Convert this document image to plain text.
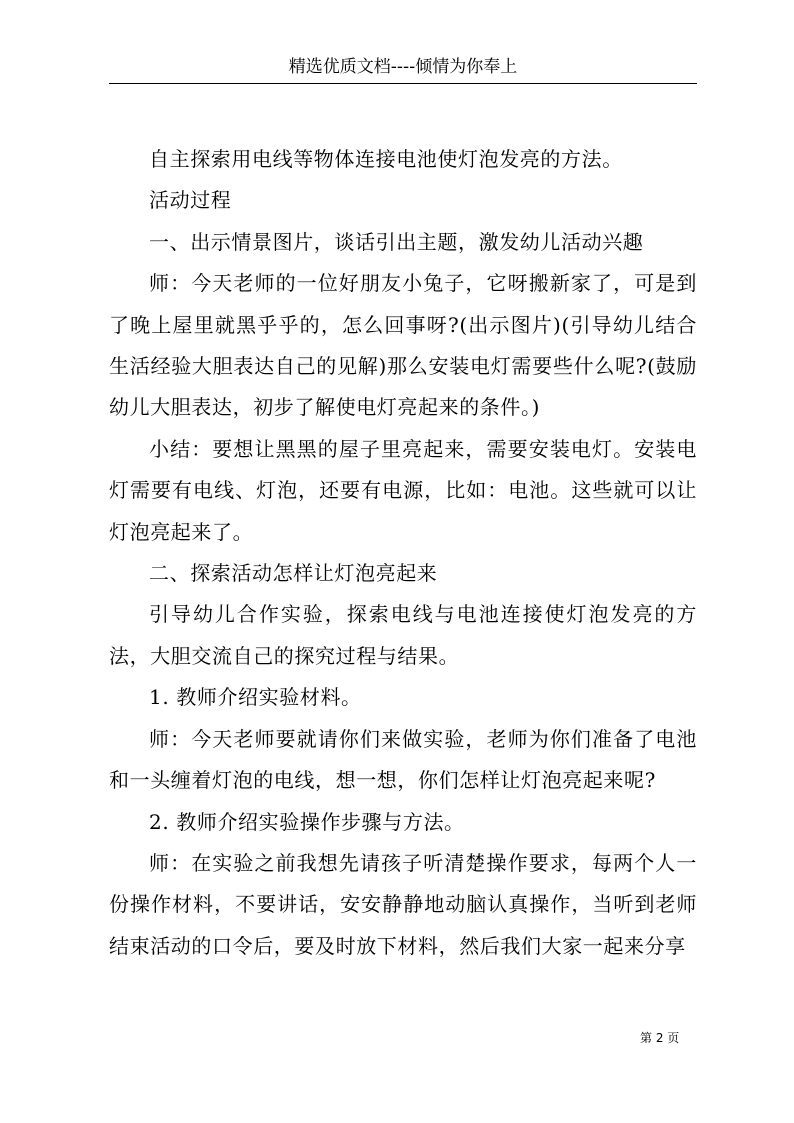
精选优质文档----倾情为你奉上

自主探索用电线等物体连接电池使灯泡发亮的方法。

活动过程

一、出示情景图片，谈话引出主题，激发幼儿活动兴趣

师：今天老师的一位好朋友小兔子，它呀搬新家了，可是到了晚上屋里就黑乎乎的，怎么回事呀?(出示图片)(引导幼儿结合生活经验大胆表达自己的见解)那么安装电灯需要些什么呢?(鼓励幼儿大胆表达，初步了解使电灯亮起来的条件。)

小结：要想让黑黑的屋子里亮起来，需要安装电灯。安装电灯需要有电线、灯泡，还要有电源，比如：电池。这些就可以让灯泡亮起来了。

二、探索活动怎样让灯泡亮起来

引导幼儿合作实验，探索电线与电池连接使灯泡发亮的方法，大胆交流自己的探究过程与结果。

1. 教师介绍实验材料。

师：今天老师要就请你们来做实验，老师为你们准备了电池和一头缠着灯泡的电线，想一想，你们怎样让灯泡亮起来呢?

2. 教师介绍实验操作步骤与方法。

师：在实验之前我想先请孩子听清楚操作要求，每两个人一份操作材料，不要讲话，安安静静地动脑认真操作，当听到老师结束活动的口令后，要及时放下材料，然后我们大家一起来分享

第 2 页
